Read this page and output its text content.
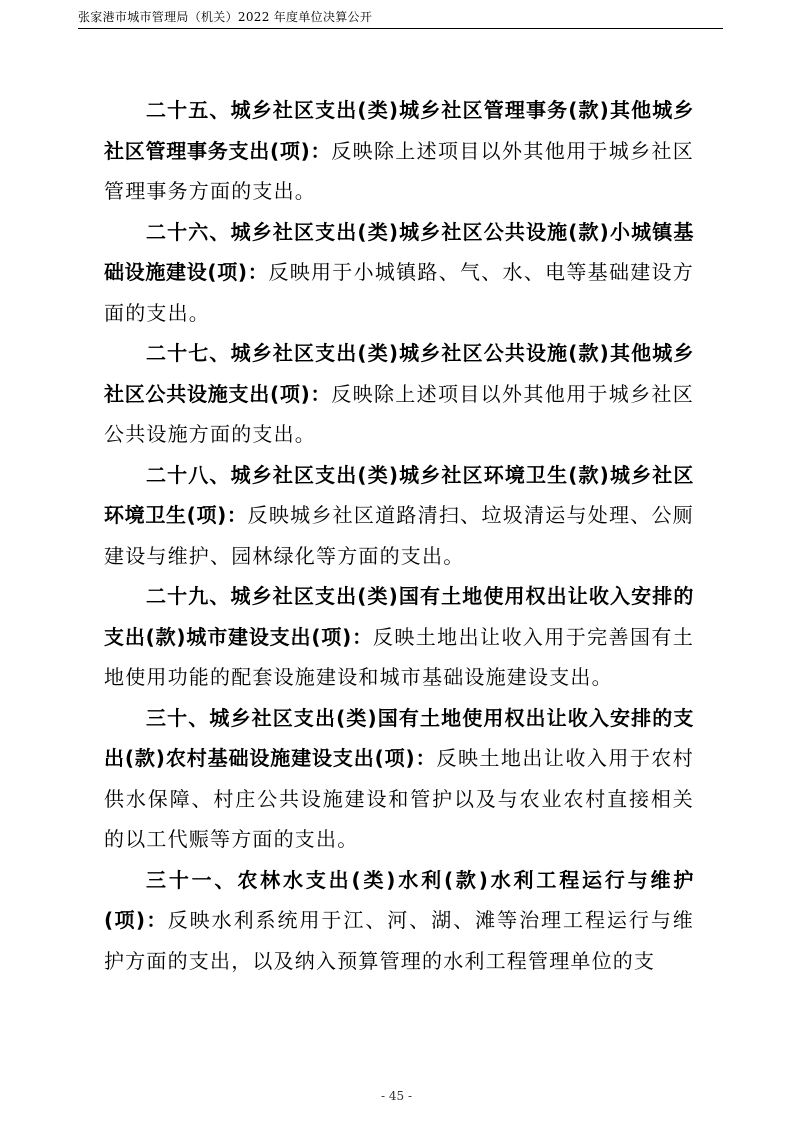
张家港市城市管理局（机关）2022 年度单位决算公开

二十五、城乡社区支出(类)城乡社区管理事务(款)其他城乡社区管理事务支出(项)：反映除上述项目以外其他用于城乡社区管理事务方面的支出。

二十六、城乡社区支出(类)城乡社区公共设施(款)小城镇基础设施建设(项)：反映用于小城镇路、气、水、电等基础建设方面的支出。

二十七、城乡社区支出(类)城乡社区公共设施(款)其他城乡社区公共设施支出(项)：反映除上述项目以外其他用于城乡社区公共设施方面的支出。

二十八、城乡社区支出(类)城乡社区环境卫生(款)城乡社区环境卫生(项)：反映城乡社区道路清扫、垃圾清运与处理、公厕建设与维护、园林绿化等方面的支出。

二十九、城乡社区支出(类)国有土地使用权出让收入安排的支出(款)城市建设支出(项)：反映土地出让收入用于完善国有土地使用功能的配套设施建设和城市基础设施建设支出。

三十、城乡社区支出(类)国有土地使用权出让收入安排的支出(款)农村基础设施建设支出(项)：反映土地出让收入用于农村供水保障、村庄公共设施建设和管护以及与农业农村直接相关的以工代赈等方面的支出。

三十一、农林水支出(类)水利(款)水利工程运行与维护(项)：反映水利系统用于江、河、湖、滩等治理工程运行与维护方面的支出，以及纳入预算管理的水利工程管理单位的支

- 45 -
